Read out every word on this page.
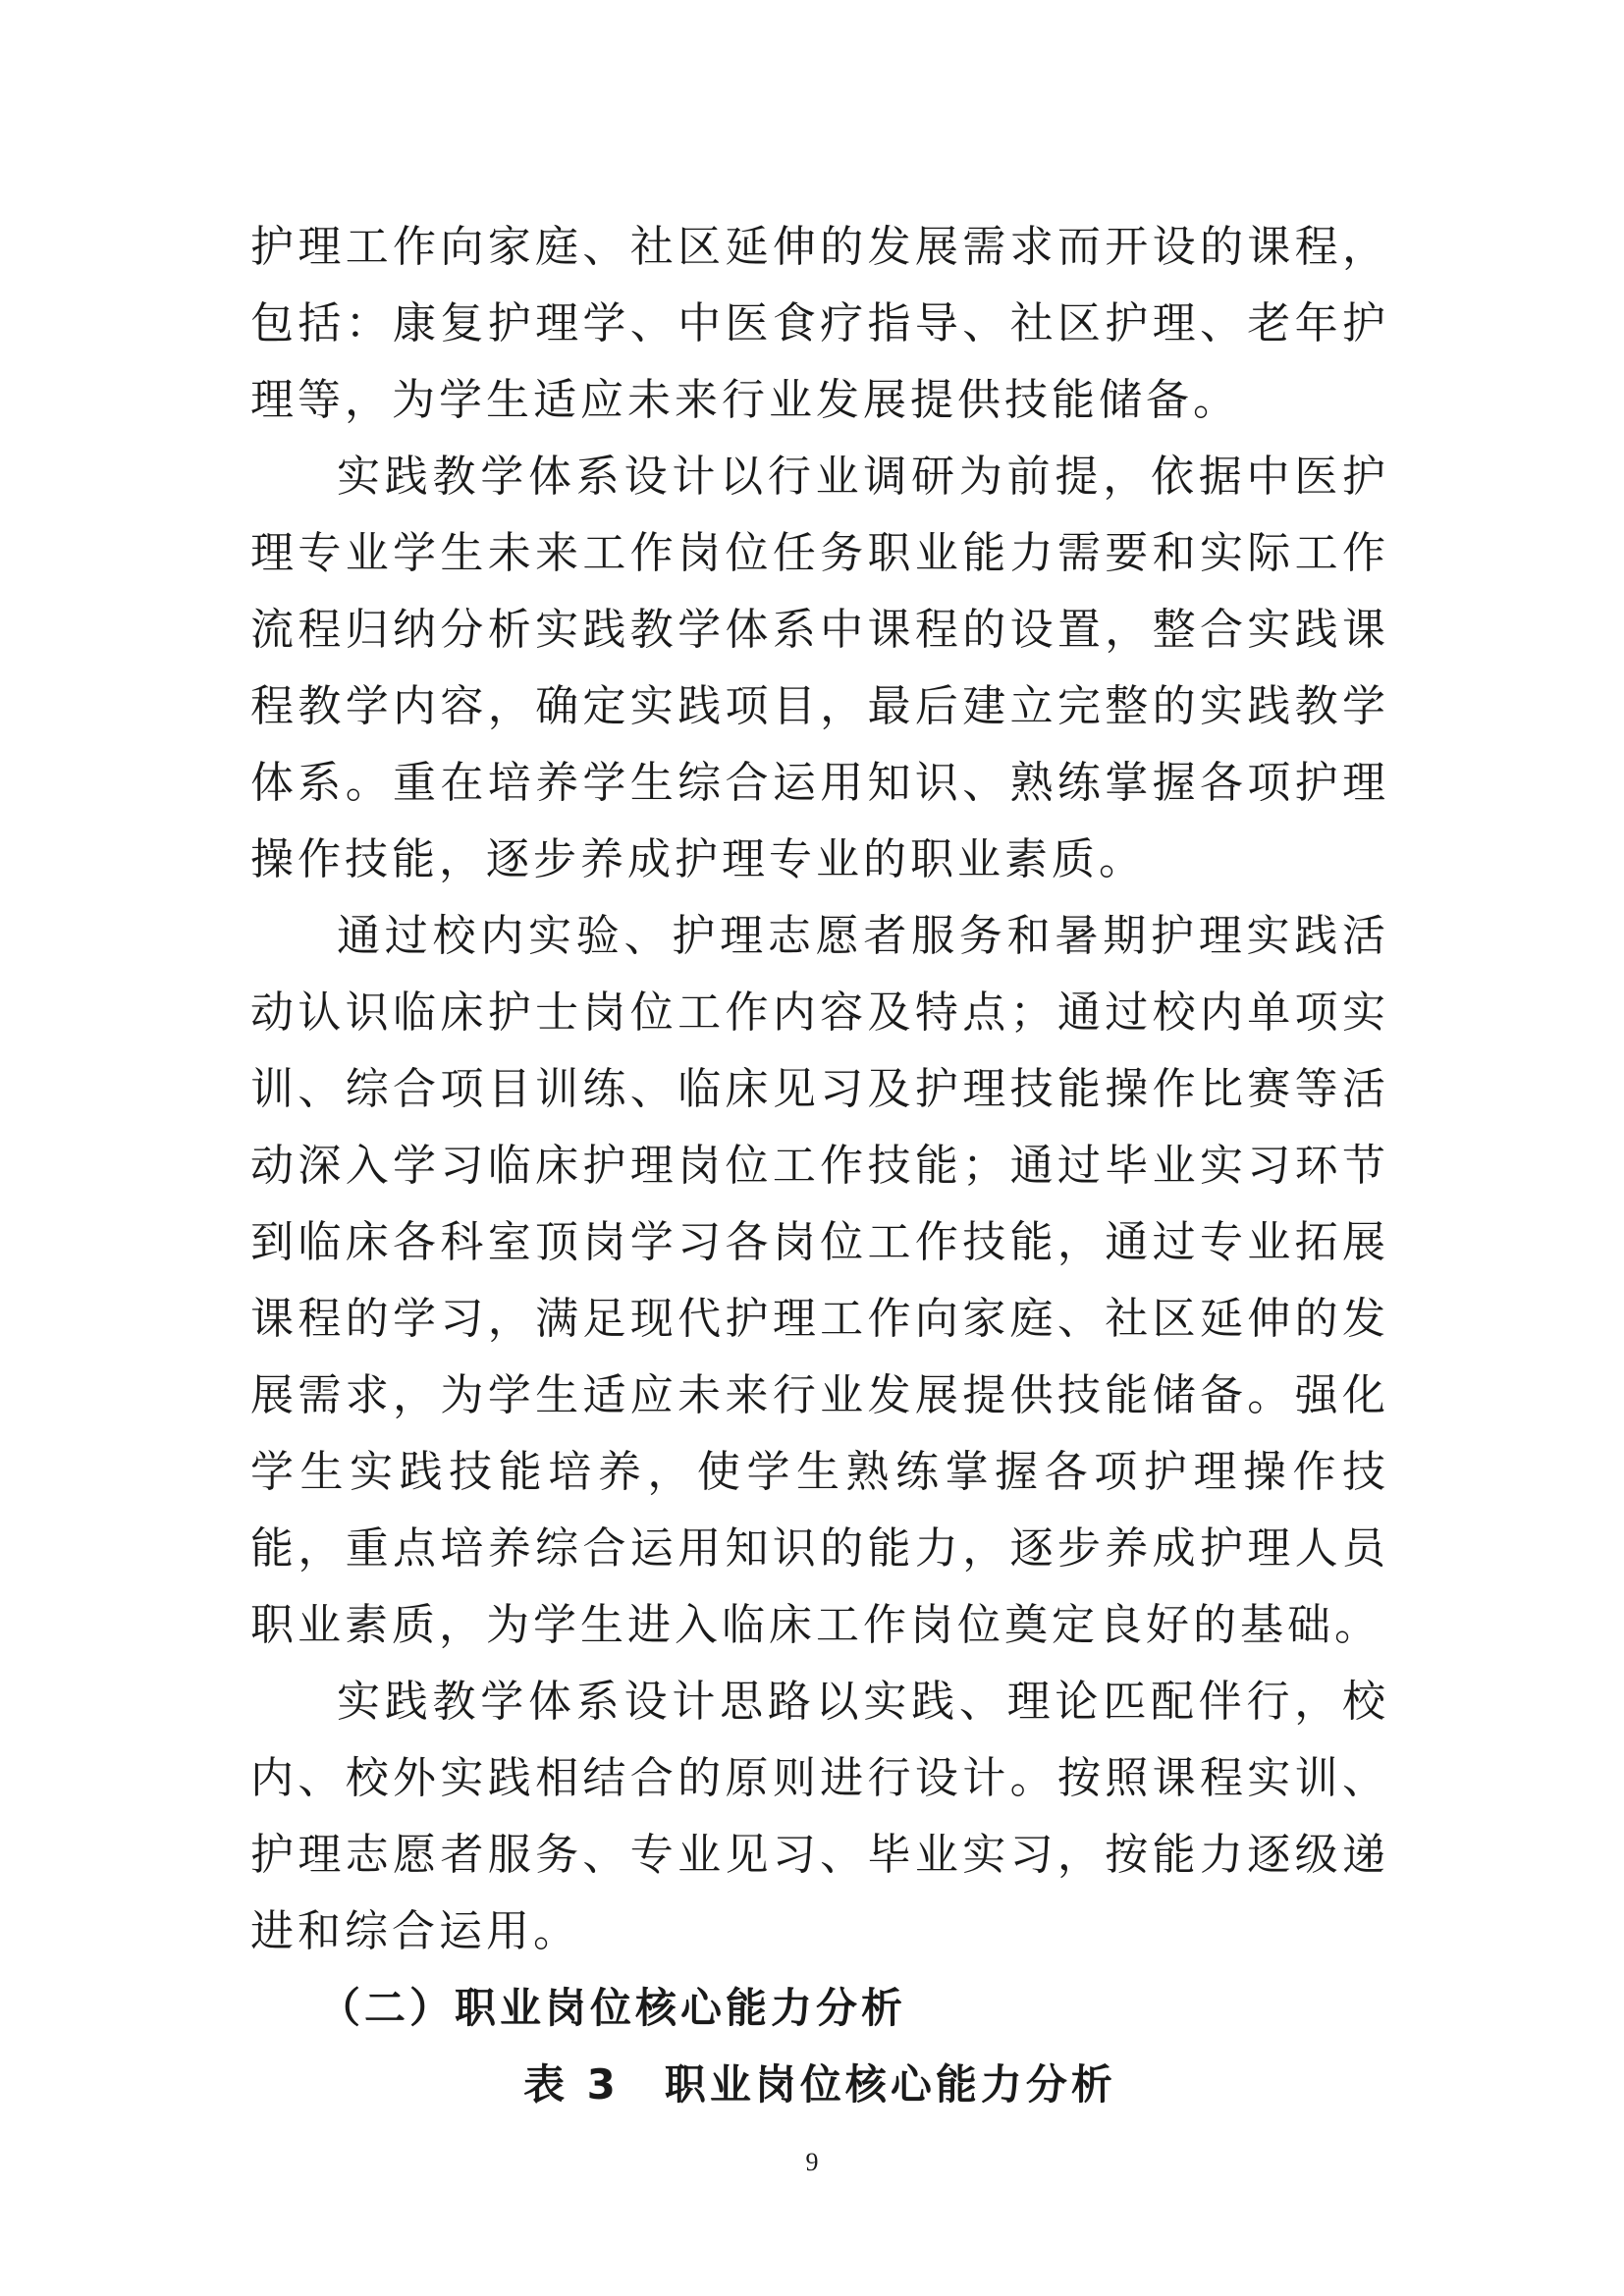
护理工作向家庭、社区延伸的发展需求而开设的课程，包括：康复护理学、中医食疗指导、社区护理、老年护理等，为学生适应未来行业发展提供技能储备。

实践教学体系设计以行业调研为前提，依据中医护理专业学生未来工作岗位任务职业能力需要和实际工作流程归纳分析实践教学体系中课程的设置，整合实践课程教学内容，确定实践项目，最后建立完整的实践教学体系。重在培养学生综合运用知识、熟练掌握各项护理操作技能，逐步养成护理专业的职业素质。

通过校内实验、护理志愿者服务和暑期护理实践活动认识临床护士岗位工作内容及特点；通过校内单项实训、综合项目训练、临床见习及护理技能操作比赛等活动深入学习临床护理岗位工作技能；通过毕业实习环节到临床各科室顶岗学习各岗位工作技能，通过专业拓展课程的学习，满足现代护理工作向家庭、社区延伸的发展需求，为学生适应未来行业发展提供技能储备。强化学生实践技能培养，使学生熟练掌握各项护理操作技能，重点培养综合运用知识的能力，逐步养成护理人员职业素质，为学生进入临床工作岗位奠定良好的基础。

实践教学体系设计思路以实践、理论匹配伴行，校内、校外实践相结合的原则进行设计。按照课程实训、护理志愿者服务、专业见习、毕业实习，按能力逐级递进和综合运用。

（二）职业岗位核心能力分析

表 3　职业岗位核心能力分析

9
